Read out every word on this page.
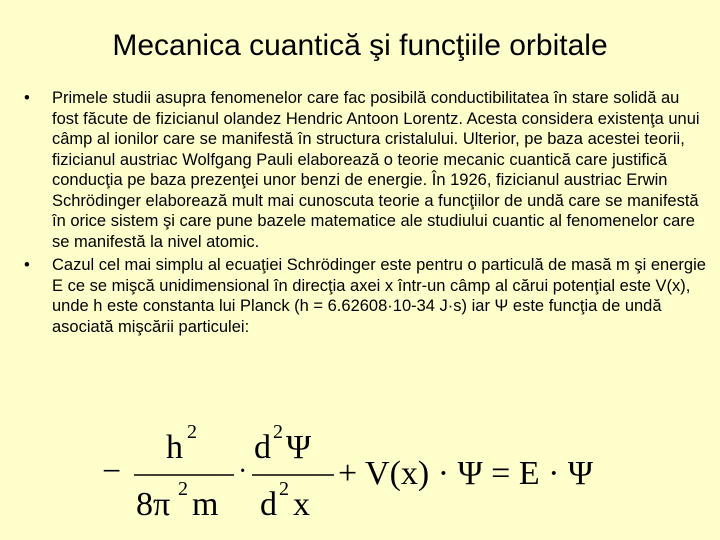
Mecanica cuantică şi funcţiile orbitale
•	Primele studii asupra fenomenelor care fac posibilă conductibilitatea în stare solidă au fost făcute de fizicianul olandez Hendric Antoon Lorentz. Acesta considera existenţa unui câmp al ionilor care se manifestă în structura cristalului. Ulterior, pe baza acestei teorii, fizicianul austriac Wolfgang Pauli elaborează o teorie mecanic cuantică care justifică conducţia pe baza prezenţei unor benzi de energie. În 1926, fizicianul austriac Erwin Schrödinger elaborează mult mai cunoscuta teorie a funcţiilor de undă care se manifestă în orice sistem şi care pune bazele matematice ale studiului cuantic al fenomenelor care se manifestă la nivel atomic.
•	Cazul cel mai simplu al ecuaţiei Schrödinger este pentru o particulă de masă m şi energie E ce se mişcă unidimensional în direcţia axei x într-un câmp al cărui potenţial este V(x), unde h este constanta lui Planck (h = 6.62608·10-34 J·s) iar Ψ este funcţia de undă asociată mişcării particulei:
−
h 2
8π 2 m
·
d 2 Ψ
d 2 x
+ V(x) · Ψ = E · Ψ
